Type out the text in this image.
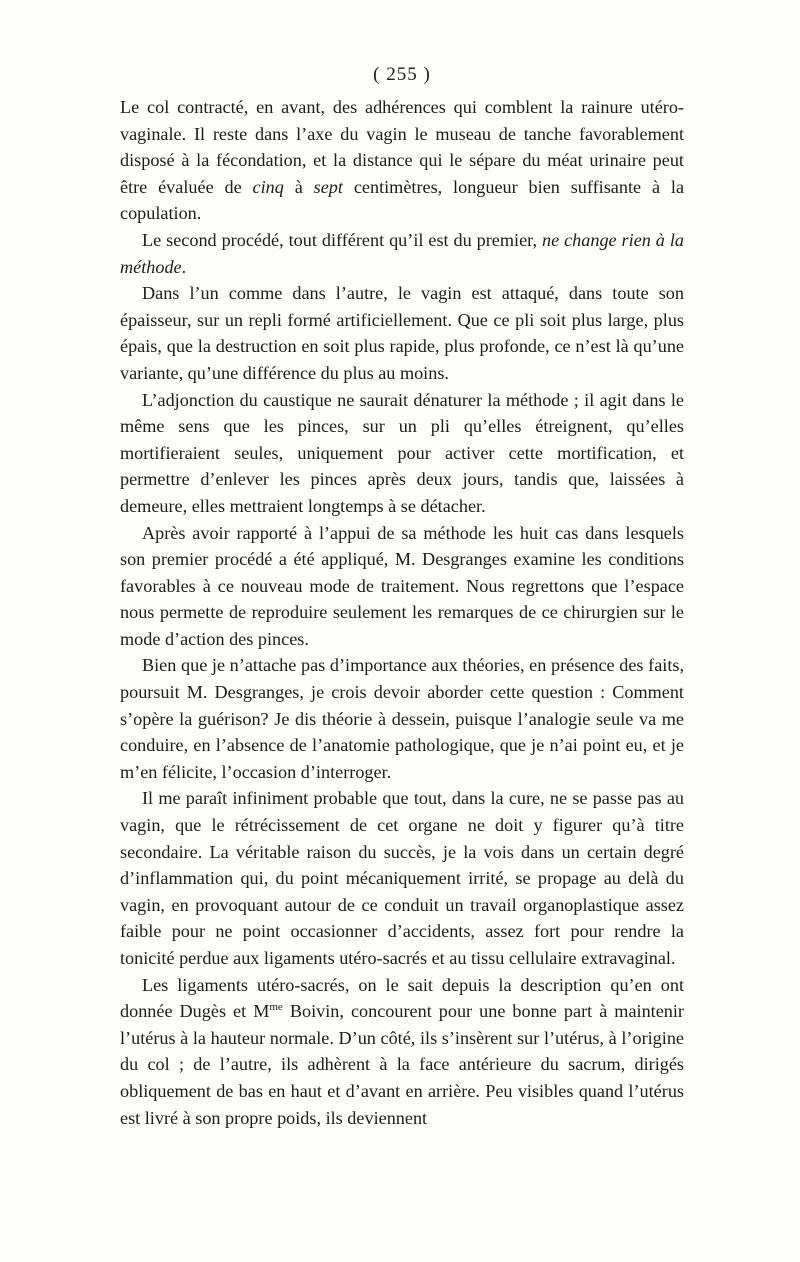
( 255 )

Le col contracté, en avant, des adhérences qui comblent la rainure utéro-vaginale. Il reste dans l’axe du vagin le museau de tanche favorablement disposé à la fécondation, et la distance qui le sépare du méat urinaire peut être évaluée de cinq à sept centimètres, longueur bien suffisante à la copulation.

Le second procédé, tout différent qu’il est du premier, ne change rien à la méthode.

Dans l’un comme dans l’autre, le vagin est attaqué, dans toute son épaisseur, sur un repli formé artificiellement. Que ce pli soit plus large, plus épais, que la destruction en soit plus rapide, plus profonde, ce n’est là qu’une variante, qu’une différence du plus au moins.

L’adjonction du caustique ne saurait dénaturer la méthode ; il agit dans le même sens que les pinces, sur un pli qu’elles étreignent, qu’elles mortifieraient seules, uniquement pour activer cette mortification, et permettre d’enlever les pinces après deux jours, tandis que, laissées à demeure, elles mettraient longtemps à se détacher.

Après avoir rapporté à l’appui de sa méthode les huit cas dans lesquels son premier procédé a été appliqué, M. Desgranges examine les conditions favorables à ce nouveau mode de traitement. Nous regrettons que l’espace nous permette de reproduire seulement les remarques de ce chirurgien sur le mode d’action des pinces.

Bien que je n’attache pas d’importance aux théories, en présence des faits, poursuit M. Desgranges, je crois devoir aborder cette question : Comment s’opère la guérison? Je dis théorie à dessein, puisque l’analogie seule va me conduire, en l’absence de l’anatomie pathologique, que je n’ai point eu, et je m’en félicite, l’occasion d’interroger.

Il me paraît infiniment probable que tout, dans la cure, ne se passe pas au vagin, que le rétrécissement de cet organe ne doit y figurer qu’à titre secondaire. La véritable raison du succès, je la vois dans un certain degré d’inflammation qui, du point mécaniquement irrité, se propage au delà du vagin, en provoquant autour de ce conduit un travail organoplastique assez faible pour ne point occasionner d’accidents, assez fort pour rendre la tonicité perdue aux ligaments utéro-sacrés et au tissu cellulaire extravaginal.

Les ligaments utéro-sacrés, on le sait depuis la description qu’en ont donnée Dugès et $M^{me}$ Boivin, concourent pour une bonne part à maintenir l’utérus à la hauteur normale. D’un côté, ils s’insèrent sur l’utérus, à l’origine du col ; de l’autre, ils adhèrent à la face antérieure du sacrum, dirigés obliquement de bas en haut et d’avant en arrière. Peu visibles quand l’utérus est livré à son propre poids, ils deviennent
